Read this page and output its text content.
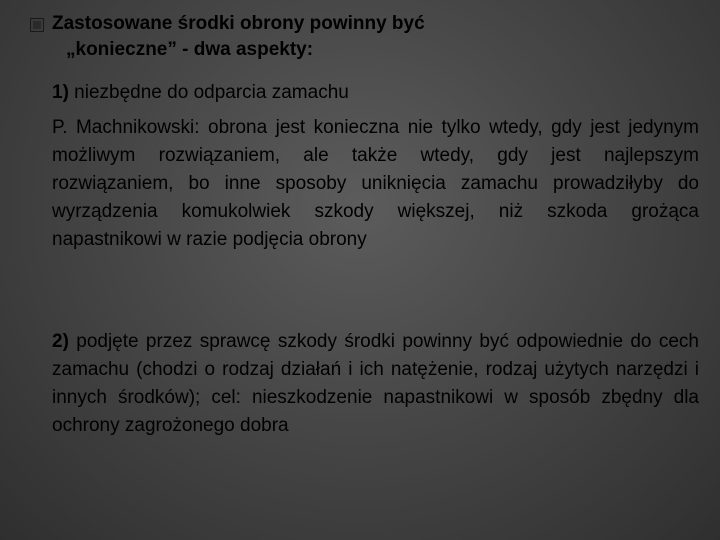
Zastosowane środki obrony powinny być
„konieczne” - dwa aspekty:
1) niezbędne do odparcia zamachu
P. Machnikowski: obrona jest konieczna nie tylko wtedy, gdy jest jedynym możliwym rozwiązaniem, ale także wtedy, gdy jest najlepszym rozwiązaniem, bo inne sposoby uniknięcia zamachu prowadziłyby do wyrządzenia komukolwiek szkody większej, niż szkoda grożąca napastnikowi w razie podjęcia obrony
2) podjęte przez sprawcę szkody środki powinny być odpowiednie do cech zamachu (chodzi o rodzaj działań i ich natężenie, rodzaj użytych narzędzi i innych środków); cel: nieszkodzenie napastnikowi w sposób zbędny dla ochrony zagrożonego dobra
